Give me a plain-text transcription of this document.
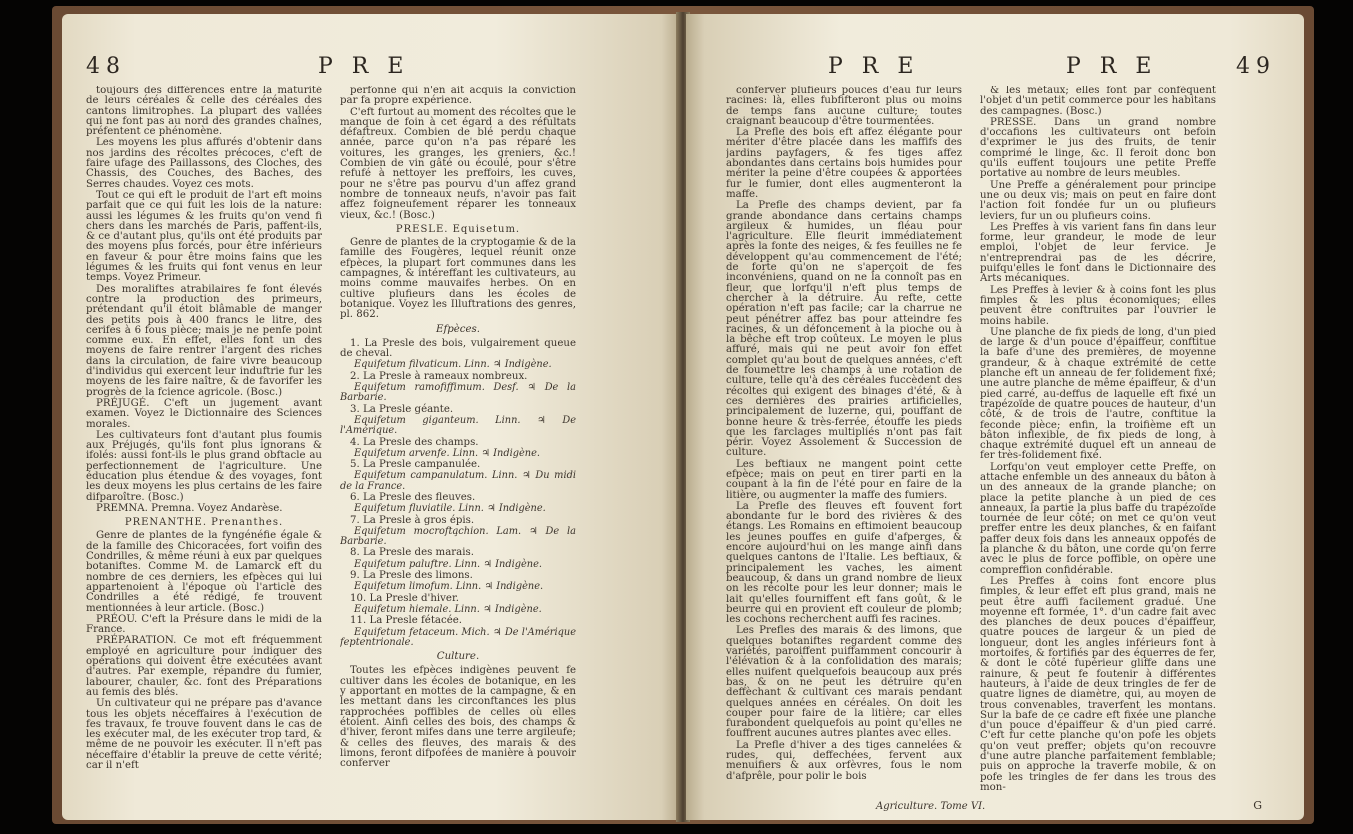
48	P R E

toujours des différences entre la maturité de leurs céréales & celle des céréales des cantons limitrophes. La plupart des vallées qui ne font pas au nord des grandes chaînes, préfentent ce phénomène.

Les moyens les plus affurés d'obtenir dans nos jardins des récoltes précoces, c'eft de faire ufage des Paillassons, des Cloches, des Chassis, des Couches, des Baches, des Serres chaudes. Voyez ces mots.

Tout ce qui eft le produit de l'art eft moins parfait que ce qui fuit les lois de la nature: aussi les légumes & les fruits qu'on vend fi chers dans les marchés de Paris, paffent-ils, & ce d'autant plus, qu'ils ont été produits par des moyens plus forcés, pour être inférieurs en faveur & pour être moins fains que les légumes & les fruits qui font venus en leur temps. Voyez Primeur.

Des moraliftes atrabilaires fe font élevés contre la production des primeurs, prétendant qu'il étoit blâmable de manger des petits pois à 400 francs le litre, des cerifes à 6 fous pièce; mais je ne penfe point comme eux. En effet, elles font un des moyens de faire rentrer l'argent des riches dans la circulation, de faire vivre beaucoup d'individus qui exercent leur induftrie fur les moyens de les faire naître, & de favorifer les progrès de la fcience agricole. (Bosc.)

PRÉJUGÉ. C'eft un jugement avant examen. Voyez le Dictionnaire des Sciences morales.

Les cultivateurs font d'autant plus foumis aux Préjugés, qu'ils font plus ignorans & ifolés: aussi font-ils le plus grand obftacle au perfectionnement de l'agriculture. Une éducation plus étendue & des voyages, font les deux moyens les plus certains de les faire difparoître. (Bosc.)

PREMNA. Premna. Voyez Andarèse.

PRENANTHE. Prenanthes.

Genre de plantes de la fyngénéfie égale & de la famille des Chicoracées, fort voifin des Condrilles, & même réuni à eux par quelques botaniftes. Comme M. de Lamarck eft du nombre de ces derniers, les efpèces qui lui appartenoient à l'époque où l'article des Condrilles a été rédigé, fe trouvent mentionnées à leur article. (Bosc.)

PRÉOU. C'eft la Présure dans le midi de la France.

PRÉPARATION. Ce mot eft fréquemment employé en agriculture pour indiquer des opérations qui doivent être exécutées avant d'autres. Par exemple, répandre du fumier, labourer, chauler, &c. font des Préparations au femis des blés.

Un cultivateur qui ne prépare pas d'avance tous les objets néceffaires à l'exécution de fes travaux, fe trouve fouvent dans le cas de les exécuter mal, de les exécuter trop tard, & même de ne pouvoir les exécuter. Il n'eft pas néceffaire d'établir la preuve de cette vérité; car il n'eft

perfonne qui n'en ait acquis la conviction par fa propre expérience.

C'eft furtout au moment des récoltes que le manque de foin à cet égard a des réfultats défaftreux. Combien de blé perdu chaque année, parce qu'on n'a pas réparé les voitures, les granges, les greniers, &c.! Combien de vin gâté ou écoulé, pour s'être refufé à nettoyer les preffoirs, les cuves, pour ne s'être pas pourvu d'un affez grand nombre de tonneaux neufs, n'avoir pas fait affez foigneufement réparer les tonneaux vieux, &c.! (Bosc.)

PRESLE. Equisetum.

Genre de plantes de la cryptogamie & de la famille des Fougères, lequel réunit onze efpèces, la plupart fort communes dans les campagnes, & intéreffant les cultivateurs, au moins comme mauvaifes herbes. On en cultive plufieurs dans les écoles de botanique. Voyez les Illuftrations des genres, pl. 862.

Efpèces.

1. La Presle des bois, vulgairement queue de cheval.

Equifetum filvaticum. Linn. ♃ Indigène.

2. La Presle à rameaux nombreux.

Equifetum ramofiffimum. Desf. ♃ De la Barbarie.

3. La Presle géante.

Equifetum giganteum. Linn. ♃ De l'Amérique.

4. La Presle des champs.

Equifetum arvenfe. Linn. ♃ Indigène.

5. La Presle campanulée.

Equifetum campanulatum. Linn. ♃ Du midi de la France.

6. La Presle des fleuves.

Equifetum fluviatile. Linn. ♃ Indigène.

7. La Presle à gros épis.

Equifetum mocrofta̧chion. Lam. ♃ De la Barbarie.

8. La Presle des marais.

Equifetum paluftre. Linn. ♃ Indigène.

9. La Presle des limons.

Equifetum limofum. Linn. ♃ Indigène.

10. La Presle d'hiver.

Equifetum hiemale. Linn. ♃ Indigène.

11. La Presle fétacée.

Equifetum fetaceum. Mich. ♃ De l'Amérique feptentrionale.

Culture.

Toutes les efpèces indigènes peuvent fe cultiver dans les écoles de botanique, en les y apportant en mottes de la campagne, & en les mettant dans les circonftances les plus rapprochées poffibles de celles où elles étoient. Ainfi celles des bois, des champs & d'hiver, feront mifes dans une terre argileufe; & celles des fleuves, des marais & des limons, feront difpofées de manière à pouvoir conferver

P R E	P R E	49

conferver plufieurs pouces d'eau fur leurs racines: là, elles fubfifteront plus ou moins de temps fans aucune culture; toutes craignant beaucoup d'être tourmentées.

La Prefle des bois eft affez élégante pour mériter d'être placée dans les maffifs des jardins payfagers, & fes tiges affez abondantes dans certains bois humides pour mériter la peine d'être coupées & apportées fur le fumier, dont elles augmenteront la maffe.

La Prefle des champs devient, par fa grande abondance dans certains champs argileux & humides, un fléau pour l'agriculture. Elle fleurit immédiatement après la fonte des neiges, & fes feuilles ne fe développent qu'au commencement de l'été; de forte qu'on ne s'aperçoit de fes inconvéniens, quand on ne la connoît pas en fleur, que lorfqu'il n'eft plus temps de chercher à la détruire. Au refte, cette opération n'eft pas facile; car la charrue ne peut pénétrer affez bas pour atteindre fes racines, & un défoncement à la pioche ou à la bêche eft trop coûteux. Le moyen le plus affuré, mais qui ne peut avoir fon effet complet qu'au bout de quelques années, c'eft de foumettre les champs à une rotation de culture, telle qu'à des céréales fuccèdent des récoltes qui exigent des binages d'été, & à ces dernières des prairies artificielles, principalement de luzerne, qui, pouffant de bonne heure & très-ferrée, étouffe les pieds que les farclages multipliés n'ont pas fait périr. Voyez Assolement & Succession de culture.

Les beftiaux ne mangent point cette efpèce; mais on peut en tirer parti en la coupant à la fin de l'été pour en faire de la litière, ou augmenter la maffe des fumiers.

La Prefle des fleuves eft fouvent fort abondante fur le bord des rivières & des étangs. Les Romains en eftimoient beaucoup les jeunes pouffes en guife d'afperges, & encore aujourd'hui on les mange ainfi dans quelques cantons de l'Italie. Les beftiaux, & principalement les vaches, les aiment beaucoup, & dans un grand nombre de lieux on les récolte pour les leur donner; mais le lait qu'elles fourniffent eft fans goût, & le beurre qui en provient eft couleur de plomb; les cochons recherchent auffi fes racines.

Les Prefles des marais & des limons, que quelques botaniftes regardent comme des variétés, paroiffent puiffamment concourir à l'élévation & à la confolidation des marais; elles nuifent quelquefois beaucoup aux prés bas, & on ne peut les détruire qu'en deffèchant & cultivant ces marais pendant quelques années en céréales. On doit les couper pour faire de la litière; car elles furabondent quelquefois au point qu'elles ne fouffrent aucunes autres plantes avec elles.

La Prefle d'hiver a des tiges cannelées & rudes, qui, deffechées, fervent aux menuifiers & aux orfèvres, fous le nom d'afprêle, pour polir le bois

& les métaux; elles font par conféquent l'objet d'un petit commerce pour les habitans des campagnes. (Bosc.)

PRESSE. Dans un grand nombre d'occafions les cultivateurs ont befoin d'exprimer le jus des fruits, de tenir comprimé le linge, &c. Il feroit donc bon qu'ils euffent toujours une petite Preffe portative au nombre de leurs meubles.

Une Preffe a généralement pour principe une ou deux vis; mais on peut en faire dont l'action foit fondée fur un ou plufieurs leviers, fur un ou plufieurs coins.

Les Preffes à vis varient fans fin dans leur forme, leur grandeur, le mode de leur emploi, l'objet de leur fervice. Je n'entreprendrai pas de les décrire, puifqu'elles le font dans le Dictionnaire des Arts mécaniques.

Les Preffes à levier & à coins font les plus fimples & les plus économiques; elles peuvent être conftruites par l'ouvrier le moins habile.

Une planche de fix pieds de long, d'un pied de large & d'un pouce d'épaiffeur, conftitue la bafe d'une des premières, de moyenne grandeur, & à chaque extrémité de cette planche eft un anneau de fer folidement fixé; une autre planche de même épaiffeur, & d'un pied carré, au-deffus de laquelle eft fixé un trapézoïde de quatre pouces de hauteur, d'un côté, & de trois de l'autre, conftitue la feconde pièce; enfin, la troifième eft un bâton inflexible, de fix pieds de long, à chaque extrémité duquel eft un anneau de fer très-folidement fixé.

Lorfqu'on veut employer cette Preffe, on attache enfemble un des anneaux du bâton à un des anneaux de la grande planche; on place la petite planche à un pied de ces anneaux, la partie la plus baffe du trapézoïde tournée de leur côté; on met ce qu'on veut preffer entre les deux planches, & en faifant paffer deux fois dans les anneaux oppofés de la planche & du bâton, une corde qu'on ferre avec le plus de force poffible, on opère une compreffion confidérable.

Les Preffes à coins font encore plus fimples, & leur effet eft plus grand, mais ne peut être auffi facilement gradué. Une moyenne eft formée, 1°. d'un cadre fait avec des planches de deux pouces d'épaiffeur, quatre pouces de largeur & un pied de longueur, dont les angles inférieurs font à mortoifes, & fortifiés par des équerres de fer, & dont le côté fupérieur gliffe dans une rainure, & peut fe foutenir à différentes hauteurs, à l'aide de deux tringles de fer de quatre lignes de diamètre, qui, au moyen de trous convenables, traverfent les montans. Sur la bafe de ce cadre eft fixée une planche d'un pouce d'épaiffeur & d'un pied carré. C'eft fur cette planche qu'on pofe les objets qu'on veut preffer; objets qu'on recouvre d'une autre planche parfaitement femblable; puis on approche la traverfe mobile, & on pofe les tringles de fer dans les trous des mon-

Agriculture. Tome VI.	G
